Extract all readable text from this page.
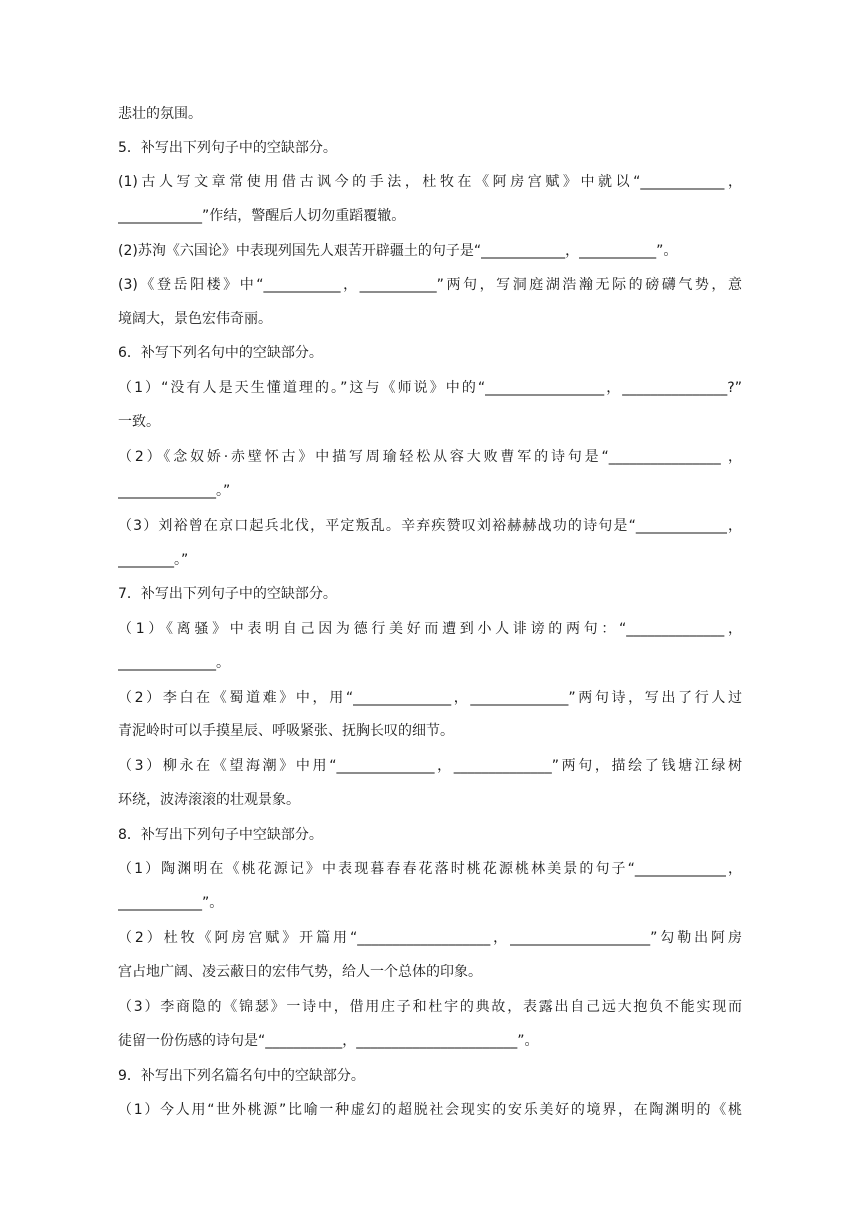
悲壮的氛围。
5．补写出下列句子中的空缺部分。
(1)古人写文章常使用借古讽今的手法，杜牧在《阿房宫赋》中就以“____________，
____________”作结，警醒后人切勿重蹈覆辙。
(2)苏洵《六国论》中表现列国先人艰苦开辟疆土的句子是“____________，___________”。
(3)《登岳阳楼》中“___________，___________”两句，写洞庭湖浩瀚无际的磅礴气势，意
境阔大，景色宏伟奇丽。
6．补写下列名句中的空缺部分。
（1）“没有人是天生懂道理的。”这与《师说》中的“_________________，_______________?”
一致。
（2）《念奴娇·赤壁怀古》中描写周瑜轻松从容大败曹军的诗句是“________________ ，
______________。”
（3）刘裕曾在京口起兵北伐，平定叛乱。辛弃疾赞叹刘裕赫赫战功的诗句是“_____________，
________。”
7．补写出下列句子中的空缺部分。
（1）《离骚》中表明自己因为德行美好而遭到小人诽谤的两句：“______________，
______________。
（2）李白在《蜀道难》中，用“______________，______________”两句诗，写出了行人过
青泥岭时可以手摸星辰、呼吸紧张、抚胸长叹的细节。
（3）柳永在《望海潮》中用“______________，______________”两句，描绘了钱塘江绿树
环绕，波涛滚滚的壮观景象。
8．补写出下列句子中空缺部分。
（1）陶渊明在《桃花源记》中表现暮春春花落时桃花源桃林美景的句子“_____________，
____________”。
（2）杜牧《阿房宫赋》开篇用“___________________，____________________”勾勒出阿房
宫占地广阔、凌云蔽日的宏伟气势，给人一个总体的印象。
（3）李商隐的《锦瑟》一诗中，借用庄子和杜宇的典故，表露出自己远大抱负不能实现而
徒留一份伤感的诗句是“___________，_______________________”。
9．补写出下列名篇名句中的空缺部分。
（1）今人用“世外桃源”比喻一种虚幻的超脱社会现实的安乐美好的境界，在陶渊明的《桃
